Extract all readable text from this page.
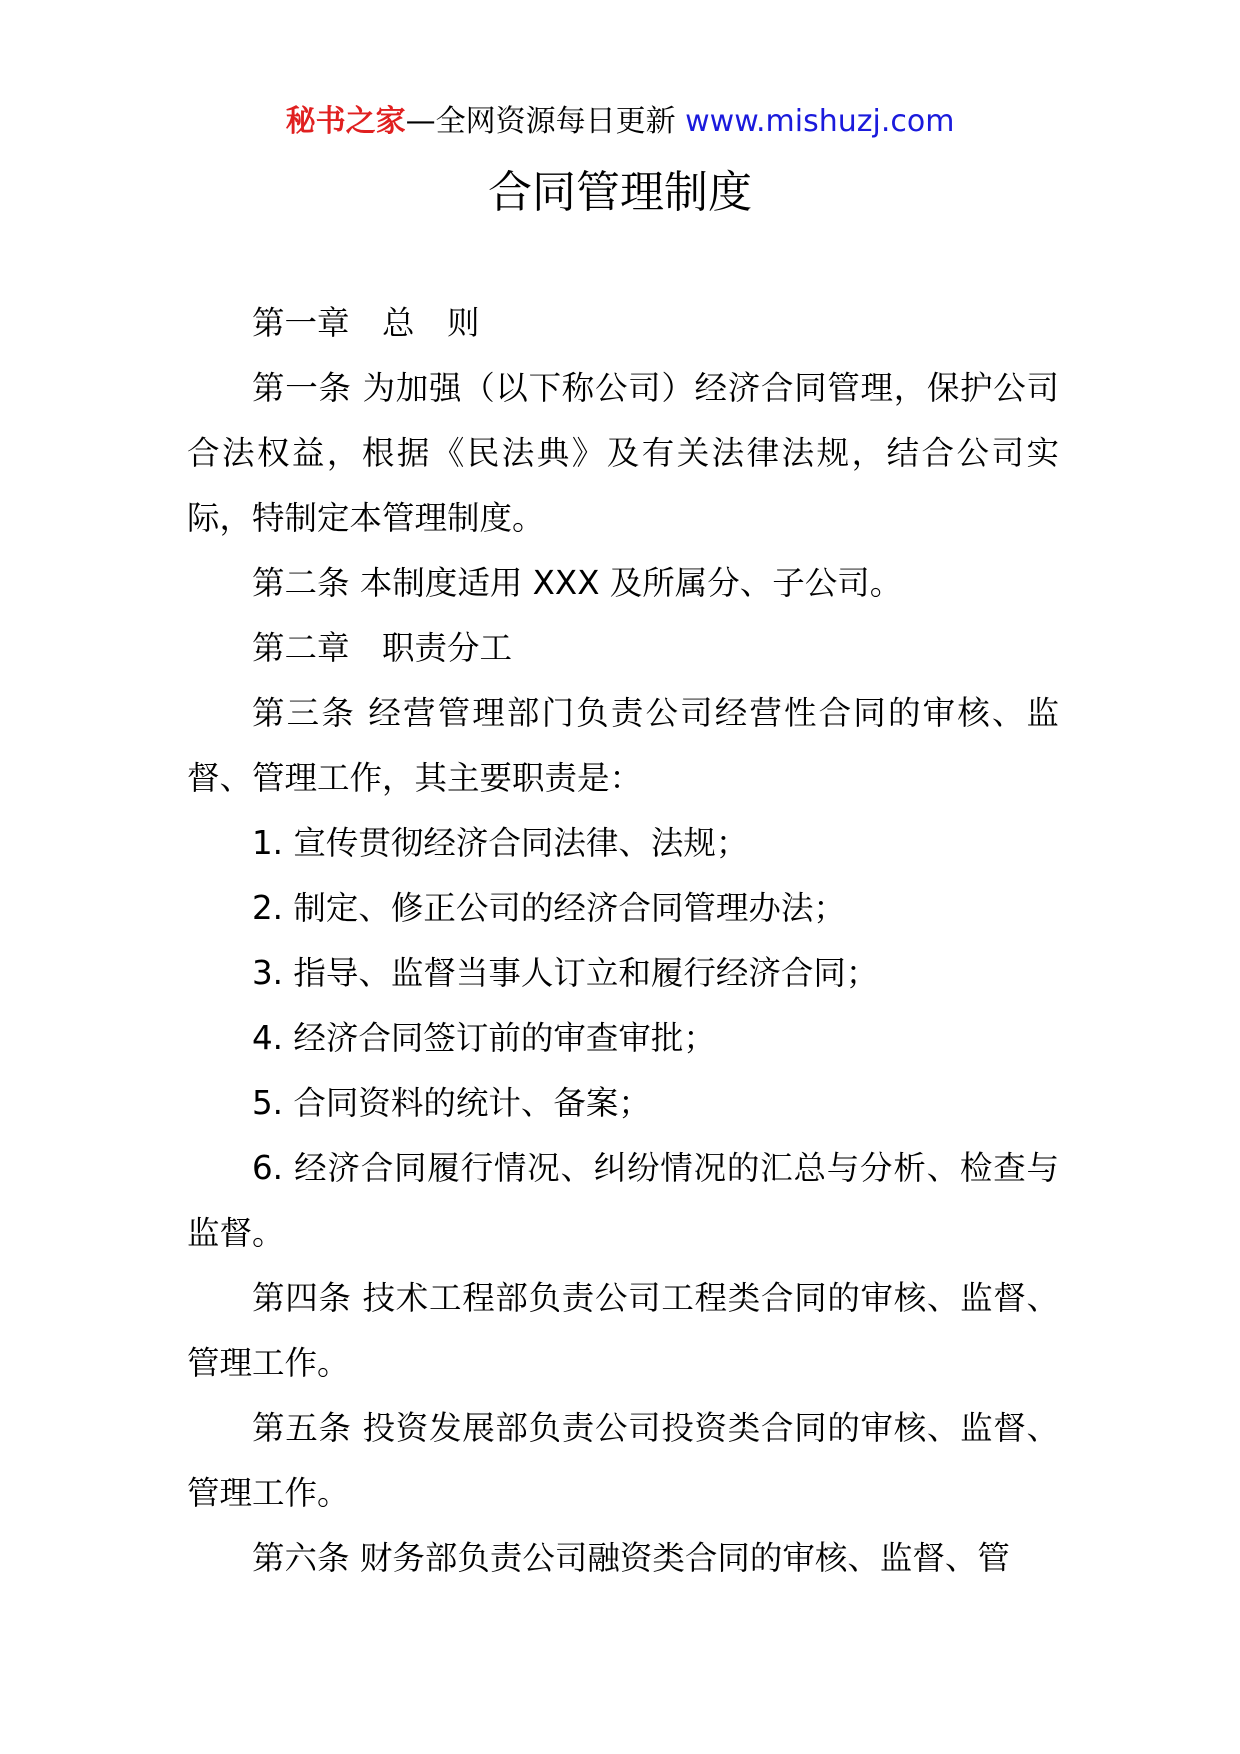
秘书之家—全网资源每日更新 www.mishuzj.com
合同管理制度

第一章　总　则

第一条 为加强（以下称公司）经济合同管理，保护公司合法权益，根据《民法典》及有关法律法规，结合公司实际，特制定本管理制度。

第二条 本制度适用 XXX 及所属分、子公司。

第二章　职责分工

第三条 经营管理部门负责公司经营性合同的审核、监督、管理工作，其主要职责是：

1. 宣传贯彻经济合同法律、法规；

2. 制定、修正公司的经济合同管理办法；

3. 指导、监督当事人订立和履行经济合同；

4. 经济合同签订前的审查审批；

5. 合同资料的统计、备案；

6. 经济合同履行情况、纠纷情况的汇总与分析、检查与监督。

第四条 技术工程部负责公司工程类合同的审核、监督、管理工作。

第五条 投资发展部负责公司投资类合同的审核、监督、管理工作。

第六条 财务部负责公司融资类合同的审核、监督、管
